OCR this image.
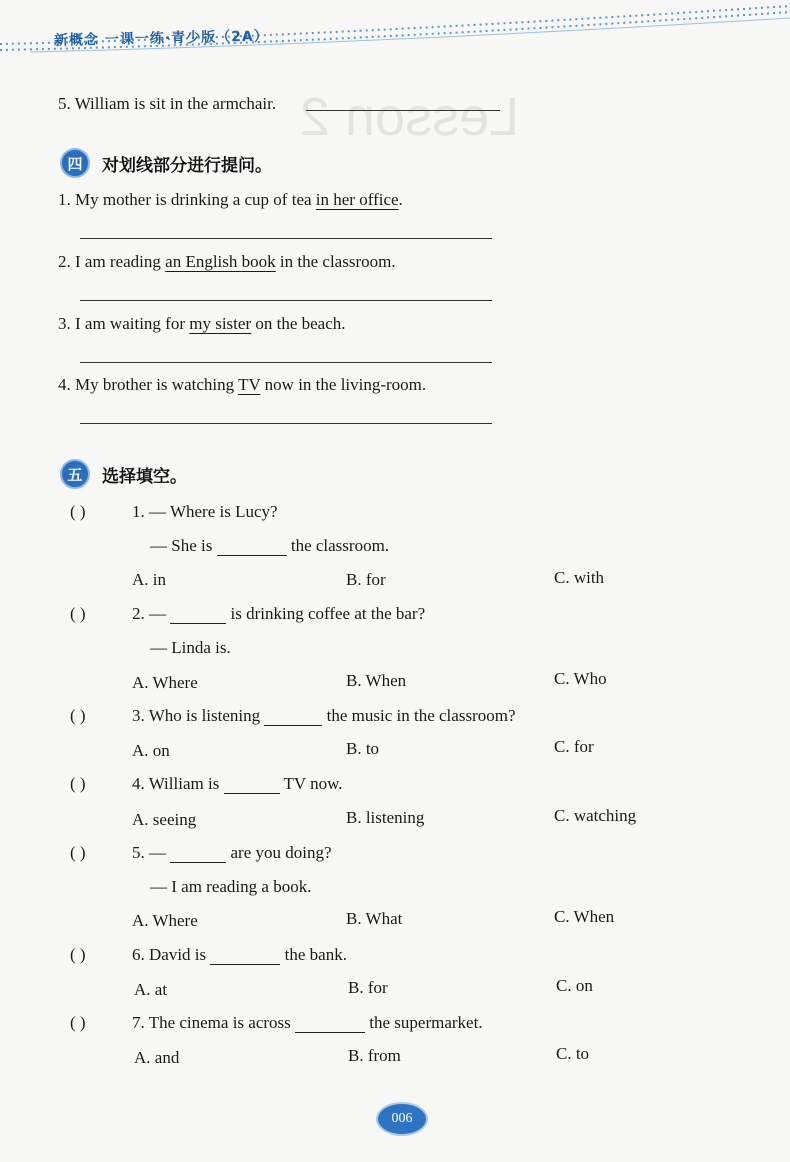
新概念 一课一练·青少版（2A）
Lesson 2
5. William is sit in the armchair.
四	对划线部分进行提问。
1. My mother is drinking a cup of tea in her office.
2. I am reading an English book in the classroom.
3. I am waiting for my sister on the beach.
4. My brother is watching TV now in the living-room.
五	选择填空。
( )	1. — Where is Lucy?
— She is	the classroom.
A. in	B. for	C. with
( )	2. —	is drinking coffee at the bar?
— Linda is.
A. Where	B. When	C. Who
( )	3. Who is listening	the music in the classroom?
A. on	B. to	C. for
( )	4. William is	TV now.
A. seeing	B. listening	C. watching
( )	5. —	are you doing?
— I am reading a book.
A. Where	B. What	C. When
( )	6. David is	the bank.
A. at	B. for	C. on
( )	7. The cinema is across	the supermarket.
A. and	B. from	C. to
006
